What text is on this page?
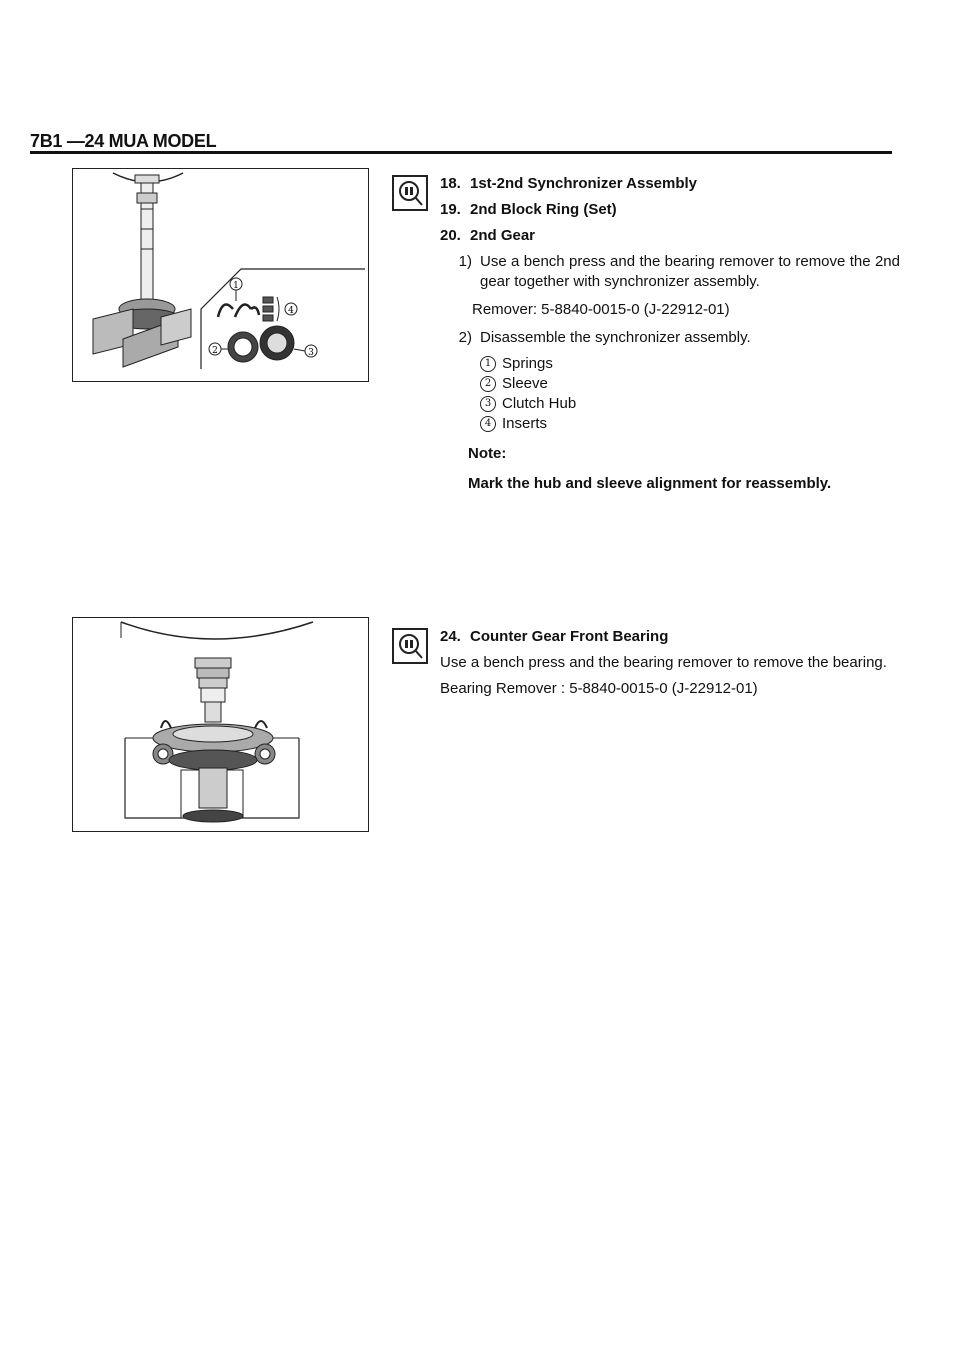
7B1 —24 MUA MODEL
1
4
2	3
18. 1st-2nd Synchronizer Assembly
19. 2nd Block Ring (Set)
20. 2nd Gear
1) Use a bench press and the bearing remover to remove the 2nd gear together with synchronizer assembly.
Remover: 5-8840-0015-0 (J-22912-01)
2) Disassemble the synchronizer assembly.
1 Springs
2 Sleeve
3 Clutch Hub
4 Inserts
Note:
Mark the hub and sleeve alignment for reassembly.
24. Counter Gear Front Bearing
Use a bench press and the bearing remover to remove the bearing.
Bearing Remover : 5-8840-0015-0 (J-22912-01)
